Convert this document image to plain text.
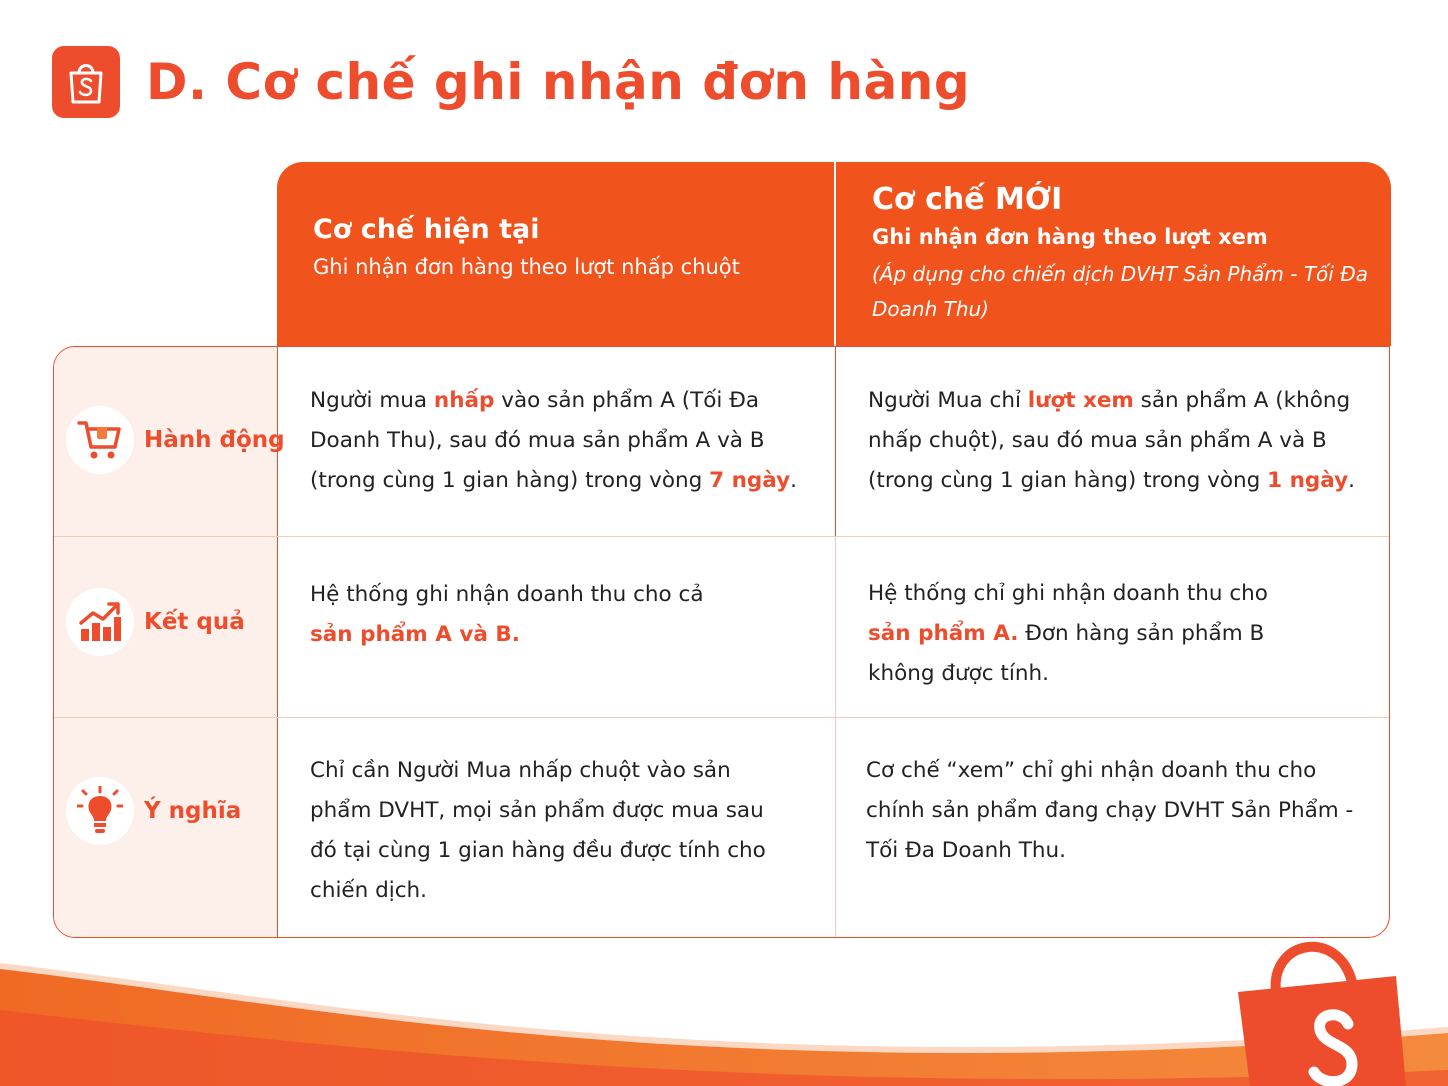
D. Cơ chế ghi nhận đơn hàng
Cơ chế hiện tại
Ghi nhận đơn hàng theo lượt nhấp chuột
Cơ chế MỚI
Ghi nhận đơn hàng theo lượt xem
(Áp dụng cho chiến dịch DVHT Sản Phẩm - Tối Đa Doanh Thu)
Hành động
Kết quả
Ý nghĩa
Người mua nhấp vào sản phẩm A (Tối Đa Doanh Thu), sau đó mua sản phẩm A và B (trong cùng 1 gian hàng) trong vòng 7 ngày.
Người Mua chỉ lượt xem sản phẩm A (không nhấp chuột), sau đó mua sản phẩm A và B (trong cùng 1 gian hàng) trong vòng 1 ngày.
Hệ thống ghi nhận doanh thu cho cả sản phẩm A và B.
Hệ thống chỉ ghi nhận doanh thu cho sản phẩm A. Đơn hàng sản phẩm B không được tính.
Chỉ cần Người Mua nhấp chuột vào sản phẩm DVHT, mọi sản phẩm được mua sau đó tại cùng 1 gian hàng đều được tính cho chiến dịch.
Cơ chế “xem” chỉ ghi nhận doanh thu cho chính sản phẩm đang chạy DVHT Sản Phẩm - Tối Đa Doanh Thu.
